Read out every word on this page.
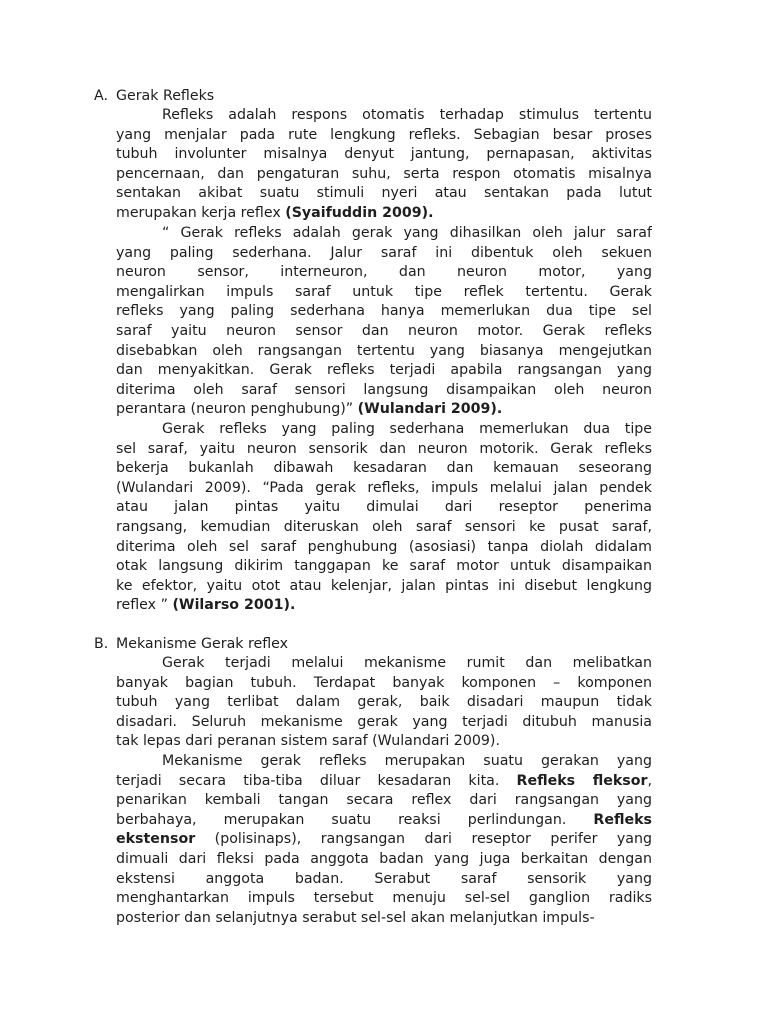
A. Gerak Refleks
Refleks adalah respons otomatis terhadap stimulus tertentu
yang menjalar pada rute lengkung refleks. Sebagian besar proses
tubuh involunter misalnya denyut jantung, pernapasan, aktivitas
pencernaan, dan pengaturan suhu, serta respon otomatis misalnya
sentakan akibat suatu stimuli nyeri atau sentakan pada lutut
merupakan kerja reflex (Syaifuddin 2009).
“ Gerak refleks adalah gerak yang dihasilkan oleh jalur saraf
yang paling sederhana. Jalur saraf ini dibentuk oleh sekuen
neuron sensor, interneuron, dan neuron motor, yang
mengalirkan impuls saraf untuk tipe reflek tertentu. Gerak
refleks yang paling sederhana hanya memerlukan dua tipe sel
saraf yaitu neuron sensor dan neuron motor. Gerak refleks
disebabkan oleh rangsangan tertentu yang biasanya mengejutkan
dan menyakitkan. Gerak refleks terjadi apabila rangsangan yang
diterima oleh saraf sensori langsung disampaikan oleh neuron
perantara (neuron penghubung)” (Wulandari 2009).
Gerak refleks yang paling sederhana memerlukan dua tipe
sel saraf, yaitu neuron sensorik dan neuron motorik. Gerak refleks
bekerja bukanlah dibawah kesadaran dan kemauan seseorang
(Wulandari 2009). “Pada gerak refleks, impuls melalui jalan pendek
atau jalan pintas yaitu dimulai dari reseptor penerima
rangsang, kemudian diteruskan oleh saraf sensori ke pusat saraf,
diterima oleh sel saraf penghubung (asosiasi) tanpa diolah didalam
otak langsung dikirim tanggapan ke saraf motor untuk disampaikan
ke efektor, yaitu otot atau kelenjar, jalan pintas ini disebut lengkung
reflex ” (Wilarso 2001).
B. Mekanisme Gerak reflex
Gerak terjadi melalui mekanisme rumit dan melibatkan
banyak bagian tubuh. Terdapat banyak komponen – komponen
tubuh yang terlibat dalam gerak, baik disadari maupun tidak
disadari. Seluruh mekanisme gerak yang terjadi ditubuh manusia
tak lepas dari peranan sistem saraf (Wulandari 2009).
Mekanisme gerak refleks merupakan suatu gerakan yang
terjadi secara tiba-tiba diluar kesadaran kita. Refleks fleksor,
penarikan kembali tangan secara reflex dari rangsangan yang
berbahaya, merupakan suatu reaksi perlindungan. Refleks
ekstensor (polisinaps), rangsangan dari reseptor perifer yang
dimuali dari fleksi pada anggota badan yang juga berkaitan dengan
ekstensi anggota badan. Serabut saraf sensorik yang
menghantarkan impuls tersebut menuju sel-sel ganglion radiks
posterior dan selanjutnya serabut sel-sel akan melanjutkan impuls-
